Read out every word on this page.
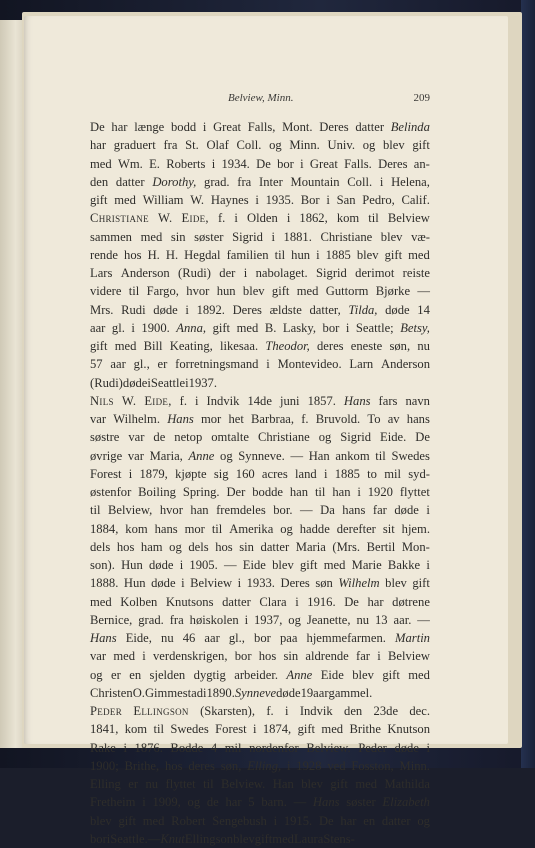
Belview, Minn.	209
De har længe bodd i Great Falls, Mont. Deres datter Belinda
har graduert fra St. Olaf Coll. og Minn. Univ. og blev gift
med Wm. E. Roberts i 1934. De bor i Great Falls. Deres an-
den datter Dorothy, grad. fra Inter Mountain Coll. i Helena,
gift med William W. Haynes i 1935. Bor i San Pedro, Calif.
Christiane W. Eide, f. i Olden i 1862, kom til Belview
sammen med sin søster Sigrid i 1881. Christiane blev væ-
rende hos H. H. Hegdal familien til hun i 1885 blev gift med
Lars Anderson (Rudi) der i nabolaget. Sigrid derimot reiste
videre til Fargo, hvor hun blev gift med Guttorm Bjørke —
Mrs. Rudi døde i 1892. Deres ældste datter, Tilda, døde 14
aar gl. i 1900. Anna, gift med B. Lasky, bor i Seattle; Betsy,
gift med Bill Keating, likesaa. Theodor, deres eneste søn, nu
57 aar gl., er forretningsmand i Montevideo. Larn Anderson
(Rudi) døde i Seattle i 1937.
Nils W. Eide, f. i Indvik 14de juni 1857. Hans fars navn
var Wilhelm. Hans mor het Barbraa, f. Bruvold. To av hans
søstre var de netop omtalte Christiane og Sigrid Eide. De
øvrige var Maria, Anne og Synneve. — Han ankom til Swedes
Forest i 1879, kjøpte sig 160 acres land i 1885 to mil syd-
østenfor Boiling Spring. Der bodde han til han i 1920 flyttet
til Belview, hvor han fremdeles bor. — Da hans far døde i
1884, kom hans mor til Amerika og hadde derefter sit hjem.
dels hos ham og dels hos sin datter Maria (Mrs. Bertil Mon-
son). Hun døde i 1905. — Eide blev gift med Marie Bakke i
1888. Hun døde i Belview i 1933. Deres søn Wilhelm blev gift
med Kolben Knutsons datter Clara i 1916. De har døtrene
Bernice, grad. fra høiskolen i 1937, og Jeanette, nu 13 aar. —
Hans Eide, nu 46 aar gl., bor paa hjemmefarmen. Martin
var med i verdenskrigen, bor hos sin aldrende far i Belview
og er en sjelden dygtig arbeider. Anne Eide blev gift med
Christen O. Gimmestad i 1890. Synneve døde 19 aar gammel.
Peder Ellingson (Skarsten), f. i Indvik den 23de dec.
1841, kom til Swedes Forest i 1874, gift med Brithe Knutson
Rake i 1876. Bodde 4 mil nordenfor Belview. Peder døde i
1900; Brithe, hos deres søn, Elling, i 1928 ved Fosston, Minn.
Elling er nu flyttet til Belview. Han blev gift med Mathilda
Fretheim i 1909, og de har 5 barn. — Hans søster Elizabeth
blev gift med Robert Sengebush i 1915. De har en datter og
bor i Seattle. — Knut Ellingson blev gift med Laura Stens-
